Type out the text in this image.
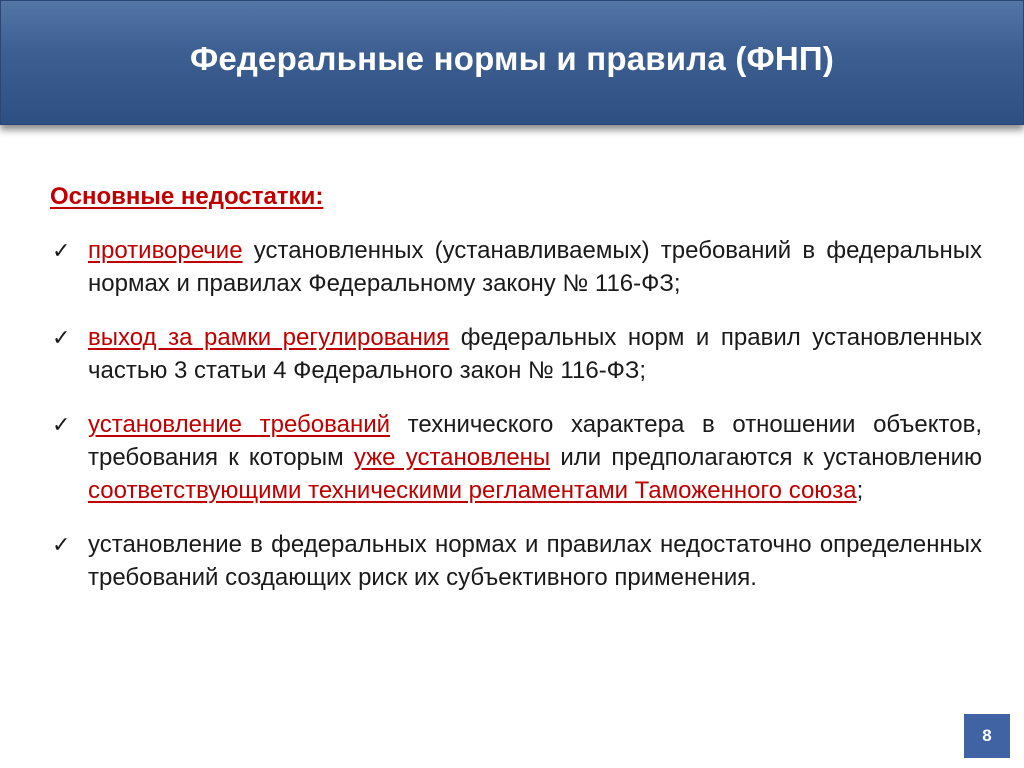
Федеральные нормы и правила (ФНП)
Основные недостатки:
✓ противоречие установленных (устанавливаемых) требований в федеральных нормах и правилах Федеральному закону № 116-ФЗ;
✓ выход за рамки регулирования федеральных норм и правил установленных частью 3 статьи 4 Федерального закон № 116-ФЗ;
✓ установление требований технического характера в отношении объектов, требования к которым уже установлены или предполагаются к установлению соответствующими техническими регламентами Таможенного союза;
✓ установление в федеральных нормах и правилах недостаточно определенных требований создающих риск их субъективного применения.
8
